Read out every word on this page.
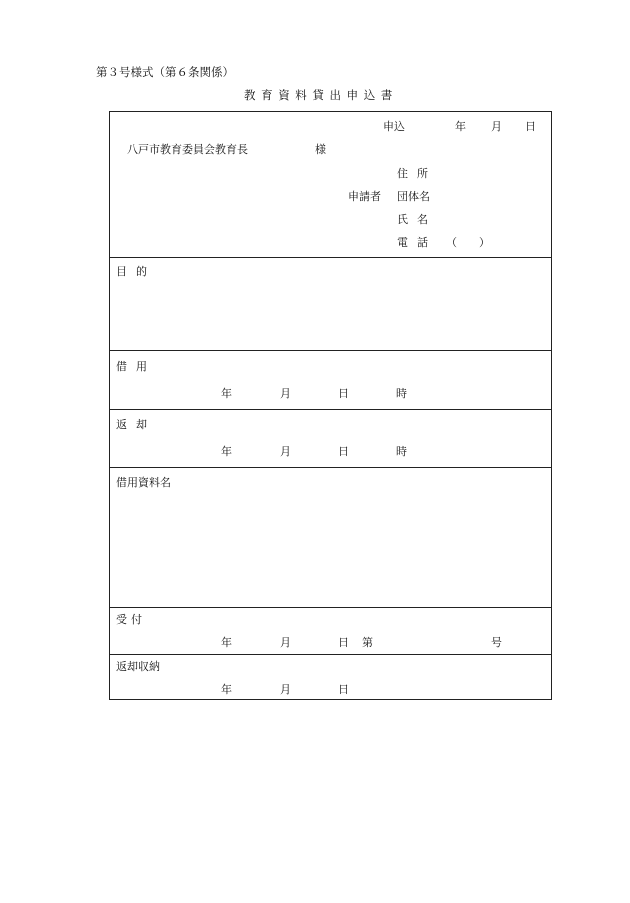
第３号様式（第６条関係）
教育資料貸出申込書
申込	年 月 日
八戸市教育委員会教育長	様
住所
申請者 団体名
氏名
電話 （　　）
目的
借用
年	月	日	時
返却
年	月	日	時
借用資料名
受付
年	月	日 第	号
返却収納
年	月	日
